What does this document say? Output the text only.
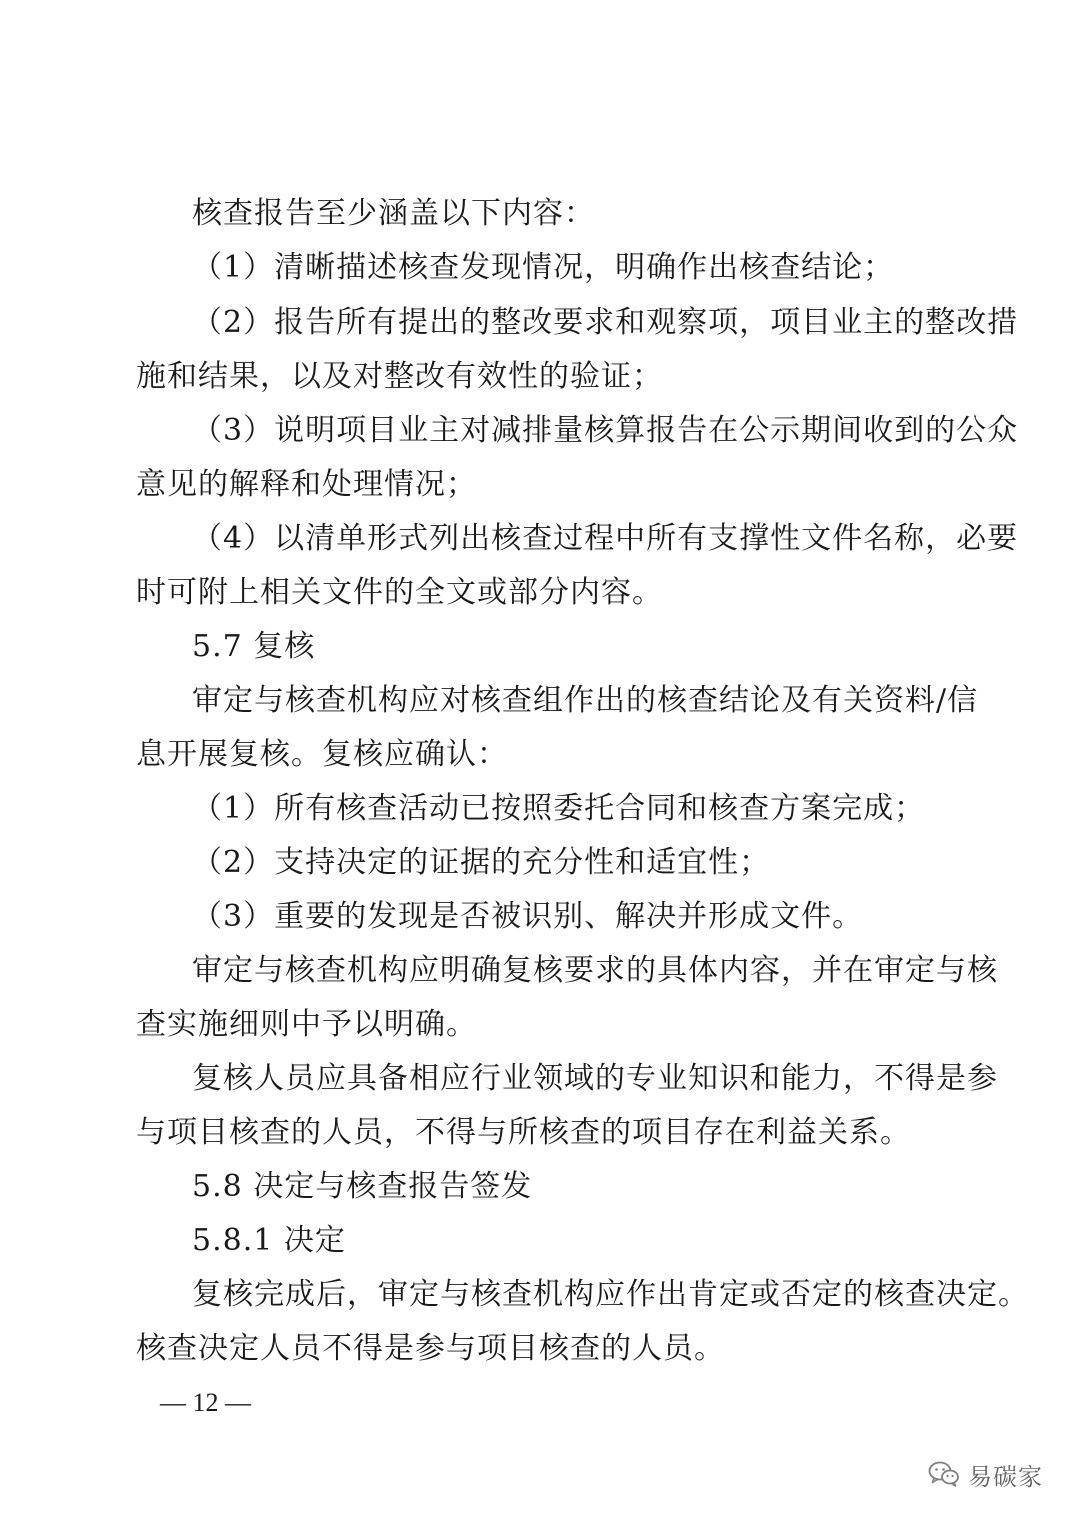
核查报告至少涵盖以下内容：
（1）清晰描述核查发现情况，明确作出核查结论；
（2）报告所有提出的整改要求和观察项，项目业主的整改措
施和结果，以及对整改有效性的验证；
（3）说明项目业主对减排量核算报告在公示期间收到的公众
意见的解释和处理情况；
（4）以清单形式列出核查过程中所有支撑性文件名称，必要
时可附上相关文件的全文或部分内容。
5.7 复核
审定与核查机构应对核查组作出的核查结论及有关资料/信
息开展复核。复核应确认：
（1）所有核查活动已按照委托合同和核查方案完成；
（2）支持决定的证据的充分性和适宜性；
（3）重要的发现是否被识别、解决并形成文件。
审定与核查机构应明确复核要求的具体内容，并在审定与核
查实施细则中予以明确。
复核人员应具备相应行业领域的专业知识和能力，不得是参
与项目核查的人员，不得与所核查的项目存在利益关系。
5.8 决定与核查报告签发
5.8.1 决定
复核完成后，审定与核查机构应作出肯定或否定的核查决定。
核查决定人员不得是参与项目核查的人员。
— 12 —
易碳家
